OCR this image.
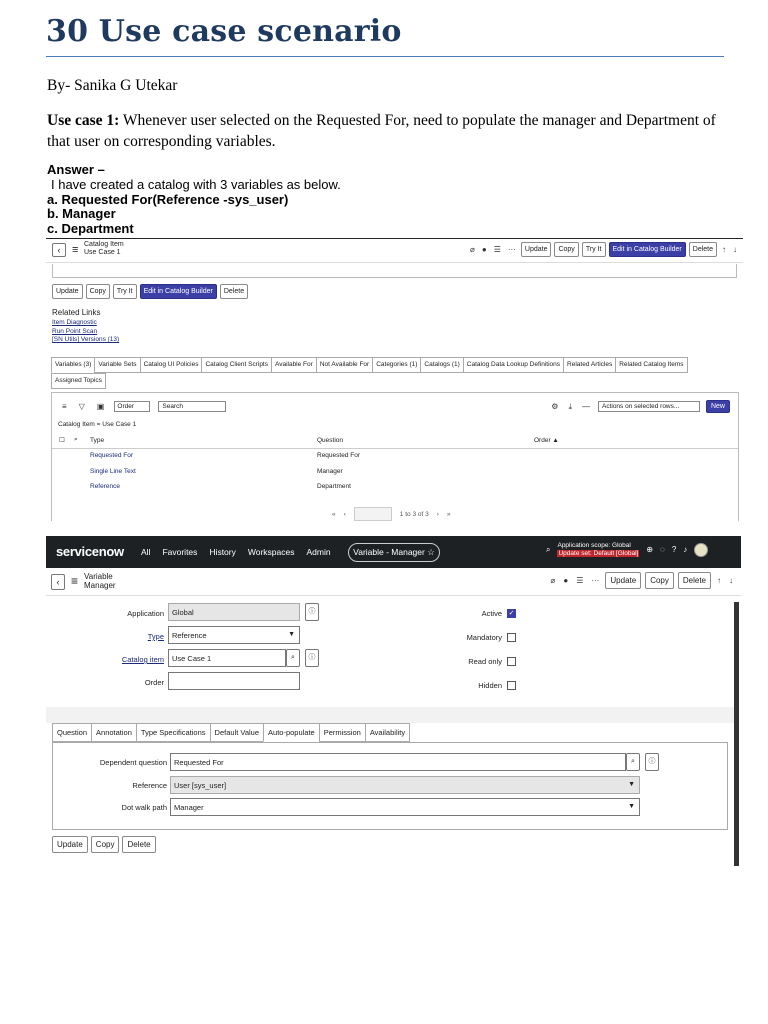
30 Use case scenario
By- Sanika G Utekar
Use case 1: Whenever user selected on the Requested For, need to populate the manager and Department of that user on corresponding variables.
Answer –
I have created a catalog with 3 variables as below.
a. Requested For(Reference -sys_user)
b. Manager
c. Department
‹	≡ Catalog Item
Use Case 1	⌀ ● ☰ ···	Update	Copy	Try It	Edit in Catalog Builder	Delete	↑ ↓
Update	Copy	Try It	Edit in Catalog Builder	Delete
Related Links
Item Diagnostic
Run Point Scan
[SN Utils] Versions (13)
Variables (3)	Variable Sets	Catalog UI Policies	Catalog Client Scripts	Available For	Not Available For	Categories (1)	Catalogs (1)	Catalog Data Lookup Definitions	Related Articles	Related Catalog Items
Assigned Topics
≡ ▽ ▣	Order	Search	⚙ ⤓ —	Actions on selected rows...	New
Catalog Item = Use Case 1
☐ ⌕ Type	Question	Order ▲
Requested For	Requested For
Single Line Text	Manager
Reference	Department
« ‹	1 to 3 of 3 › »
servicenow All Favorites History Workspaces Admin	Variable - Manager ☆	⌕ Application scope: Global
Update set: Default [Global] ⊕ ◌ ? ♪
‹ ≡ Variable
Manager
⌀ ● ☰ ···	Update	Copy	Delete	↑ ↓
Application	Global	ⓘ
Type	Reference	▼
Catalog item	Use Case 1	⌕	ⓘ
Order
Active ✓
Mandatory
Read only
Hidden
Question	Annotation	Type Specifications	Default Value	Auto-populate	Permission	Availability
Dependent question Requested For	⌕	ⓘ
Reference User [sys_user]	▼
Dot walk path Manager	▼
Update	Copy	Delete
